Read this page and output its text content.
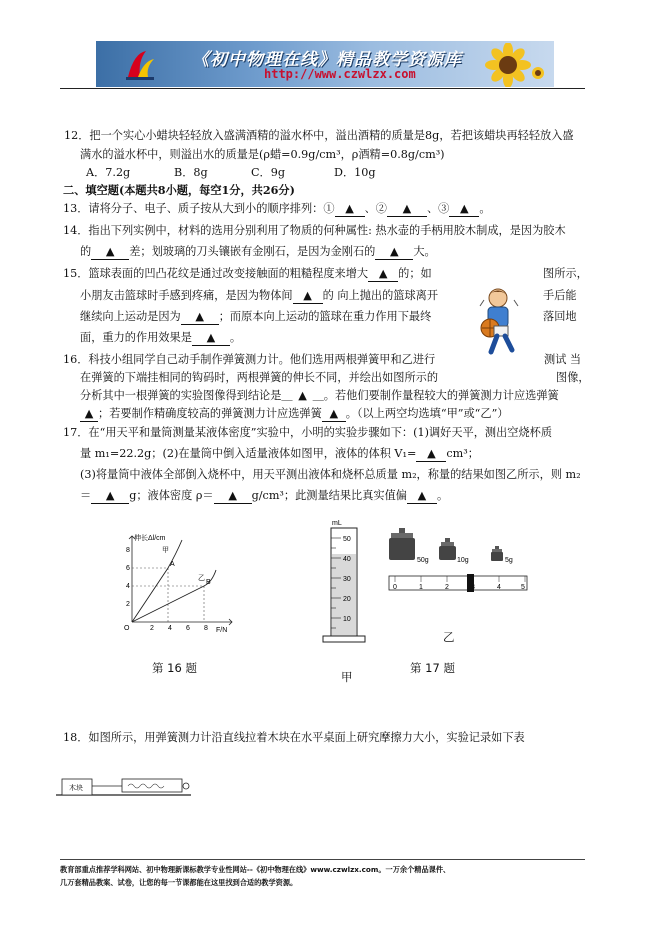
《初中物理在线》精品教学资源库
http://www.czwlzx.com
12．把一个实心小蜡块轻轻放入盛满酒精的溢水杯中，溢出酒精的质量是8g，若把该蜡块再轻轻放入盛
满水的溢水杯中，则溢出水的质量是(ρ蜡=0.9g/cm³，ρ酒精=0.8g/cm³)
A．7.2g	B．8g	C．9g	D．10g
二、填空题(本题共8小题，每空1分，共26分)
13．请将分子、电子、质子按从大到小的顺序排列：① ▲ 、② ▲ 、③ ▲ 。
14．指出下列实例中，材料的选用分别利用了物质的何种属性: 热水壶的手柄用胶木制成，是因为胶木
的 ▲ 差；划玻璃的刀头镶嵌有金刚石，是因为金刚石的 ▲ 大。
15．篮球表面的凹凸花纹是通过改变接触面的粗糙程度来增大 ▲ 的；如	图所示，
小朋友击篮球时手感到疼痛，是因为物体间 ▲ 的 向上抛出的篮球离开	手后能
继续向上运动是因为 ▲ ；而原本向上运动的篮球在重力作用下最终	落回地
面，重力的作用效果是 ▲ 。
16．科技小组同学自己动手制作弹簧测力计。他们选用两根弹簧甲和乙进行	测试 当
在弹簧的下端挂相同的钩码时，两根弹簧的伸长不同，并绘出如图所示的	图像，
分析其中一根弹簧的实验图像得到结论是＿ ▲ ＿。若他们要制作量程较大的弹簧测力计应选弹簧
▲ ；若要制作精确度较高的弹簧测力计应选弹簧 ▲ 。（以上两空均选填“甲”或“乙”）
17．在“用天平和量筒测量某液体密度”实验中，小明的实验步骤如下：(1)调好天平，测出空烧杯质
量 m₁=22.2g；(2)在量筒中倒入适量液体如图甲，液体的体积 V₁= ▲ cm³；
(3)将量筒中液体全部倒入烧杯中，用天平测出液体和烧杯总质量 m₂，称量的结果如图乙所示，则 m₂
＝ ▲ g；液体密度 ρ＝ ▲ g/cm³；此测量结果比真实值偏 ▲ 。
伸长Δl/cm
F/N
O
2
4
6
8
2 4 6 8
甲
A
乙
B
第 16 题
mL
50
40
30
20
10
甲
50g	10g	5g
0	1	2	4	5
乙
第 17 题
18．如图所示，用弹簧测力计沿直线拉着木块在水平桌面上研究摩擦力大小，实验记录如下表
木块
教育部重点推荐学科网站、初中物理新课标教学专业性网站--《初中物理在线》www.czwlzx.com。一万余个精品课件、
几万套精品教案、试卷，让您的每一节课都能在这里找到合适的教学资源。
